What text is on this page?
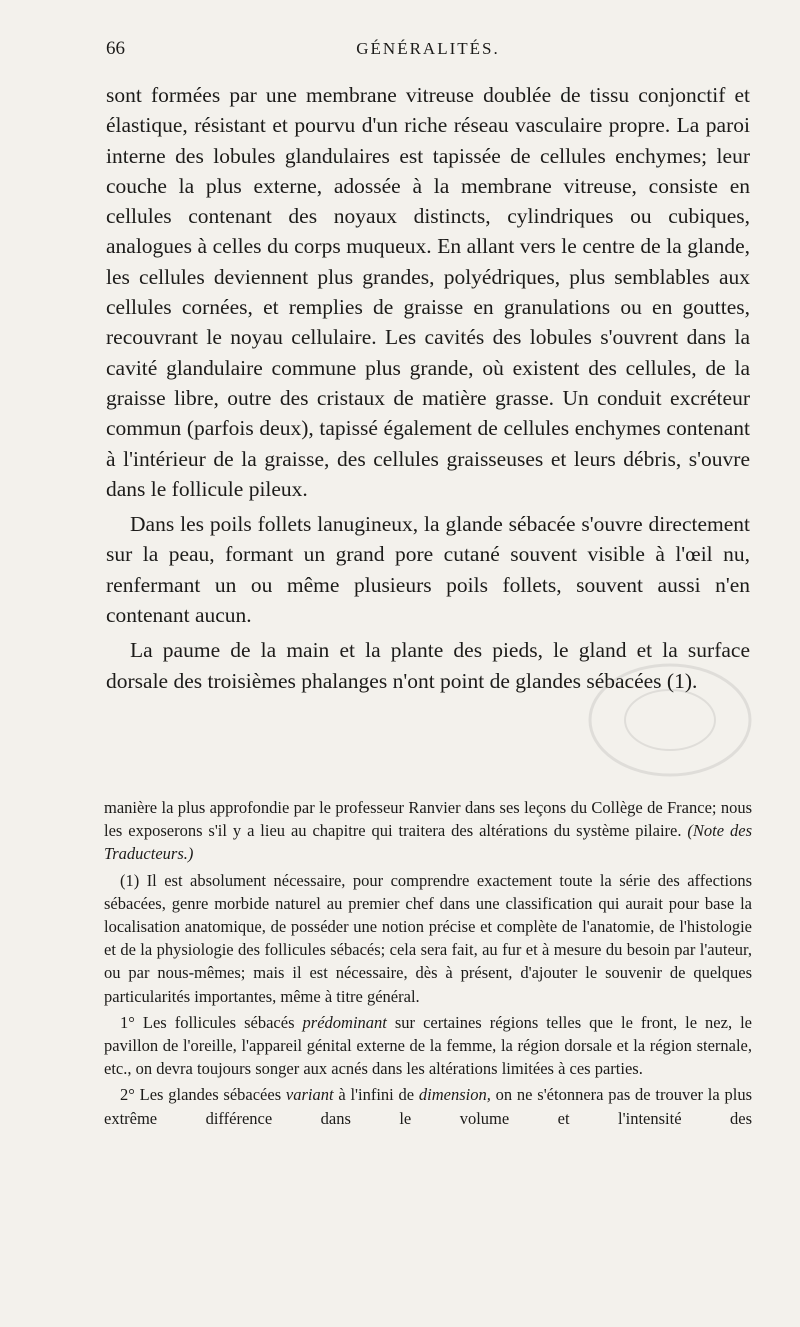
66	GÉNÉRALITÉS.

sont formées par une membrane vitreuse doublée de tissu conjonctif et élastique, résistant et pourvu d'un riche réseau vasculaire propre. La paroi interne des lobules glandulaires est tapissée de cellules enchymes; leur couche la plus externe, adossée à la membrane vitreuse, consiste en cellules contenant des noyaux distincts, cylindriques ou cubiques, analogues à celles du corps muqueux. En allant vers le centre de la glande, les cellules deviennent plus grandes, polyédriques, plus semblables aux cellules cornées, et remplies de graisse en granulations ou en gouttes, recouvrant le noyau cellulaire. Les cavités des lobules s'ouvrent dans la cavité glandulaire commune plus grande, où existent des cellules, de la graisse libre, outre des cristaux de matière grasse. Un conduit excréteur commun (parfois deux), tapissé également de cellules enchymes contenant à l'intérieur de la graisse, des cellules graisseuses et leurs débris, s'ouvre dans le follicule pileux.

Dans les poils follets lanugineux, la glande sébacée s'ouvre directement sur la peau, formant un grand pore cutané souvent visible à l'œil nu, renfermant un ou même plusieurs poils follets, souvent aussi n'en contenant aucun.

La paume de la main et la plante des pieds, le gland et la surface dorsale des troisièmes phalanges n'ont point de glandes sébacées (1).

manière la plus approfondie par le professeur Ranvier dans ses leçons du Collège de France; nous les exposerons s'il y a lieu au chapitre qui traitera des altérations du système pilaire. (Note des Traducteurs.)

(1) Il est absolument nécessaire, pour comprendre exactement toute la série des affections sébacées, genre morbide naturel au premier chef dans une classification qui aurait pour base la localisation anatomique, de posséder une notion précise et complète de l'anatomie, de l'histologie et de la physiologie des follicules sébacés; cela sera fait, au fur et à mesure du besoin par l'auteur, ou par nous-mêmes; mais il est nécessaire, dès à présent, d'ajouter le souvenir de quelques particularités importantes, même à titre général.

1° Les follicules sébacés prédominant sur certaines régions telles que le front, le nez, le pavillon de l'oreille, l'appareil génital externe de la femme, la région dorsale et la région sternale, etc., on devra toujours songer aux acnés dans les altérations limitées à ces parties.

2° Les glandes sébacées variant à l'infini de dimension, on ne s'étonnera pas de trouver la plus extrême différence dans le volume et l'intensité des
